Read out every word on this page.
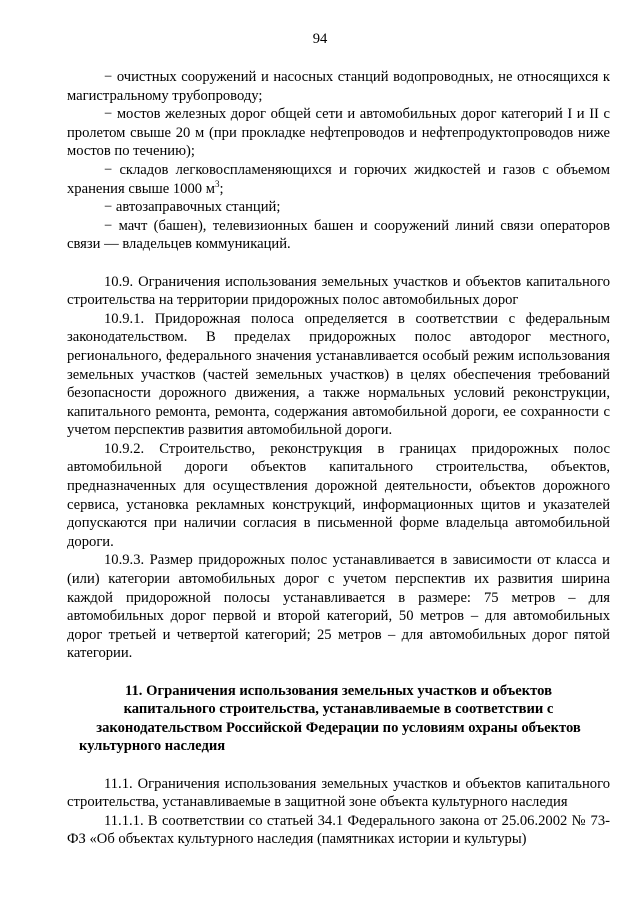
94

− очистных сооружений и насосных станций водопроводных, не относящихся к магистральному трубопроводу;

− мостов железных дорог общей сети и автомобильных дорог категорий I и II с пролетом свыше 20 м (при прокладке нефтепроводов и нефтепродуктопроводов ниже мостов по течению);

− складов легковоспламеняющихся и горючих жидкостей и газов с объемом хранения свыше 1000 $м^3$;

− автозаправочных станций;

− мачт (башен), телевизионных башен и сооружений линий связи операторов связи — владельцев коммуникаций.

10.9. Ограничения использования земельных участков и объектов капитального строительства на территории придорожных полос автомобильных дорог

10.9.1. Придорожная полоса определяется в соответствии с федеральным законодательством. В пределах придорожных полос автодорог местного, регионального, федерального значения устанавливается особый режим использования земельных участков (частей земельных участков) в целях обеспечения требований безопасности дорожного движения, а также нормальных условий реконструкции, капитального ремонта, ремонта, содержания автомобильной дороги, ее сохранности с учетом перспектив развития автомобильной дороги.

10.9.2. Строительство, реконструкция в границах придорожных полос автомобильной дороги объектов капитального строительства, объектов, предназначенных для осуществления дорожной деятельности, объектов дорожного сервиса, установка рекламных конструкций, информационных щитов и указателей допускаются при наличии согласия в письменной форме владельца автомобильной дороги.

10.9.3. Размер придорожных полос устанавливается в зависимости от класса и (или) категории автомобильных дорог с учетом перспектив их развития ширина каждой придорожной полосы устанавливается в размере: 75 метров – для автомобильных дорог первой и второй категорий, 50 метров – для автомобильных дорог третьей и четвертой категорий; 25 метров – для автомобильных дорог пятой категории.

11. Ограничения использования земельных участков и объектов капитального строительства, устанавливаемые в соответствии с законодательством Российской Федерации по условиям охраны объектов культурного наследия

11.1. Ограничения использования земельных участков и объектов капитального строительства, устанавливаемые в защитной зоне объекта культурного наследия

11.1.1. В соответствии со статьей 34.1 Федерального закона от 25.06.2002 № 73-ФЗ «Об объектах культурного наследия (памятниках истории и культуры)
